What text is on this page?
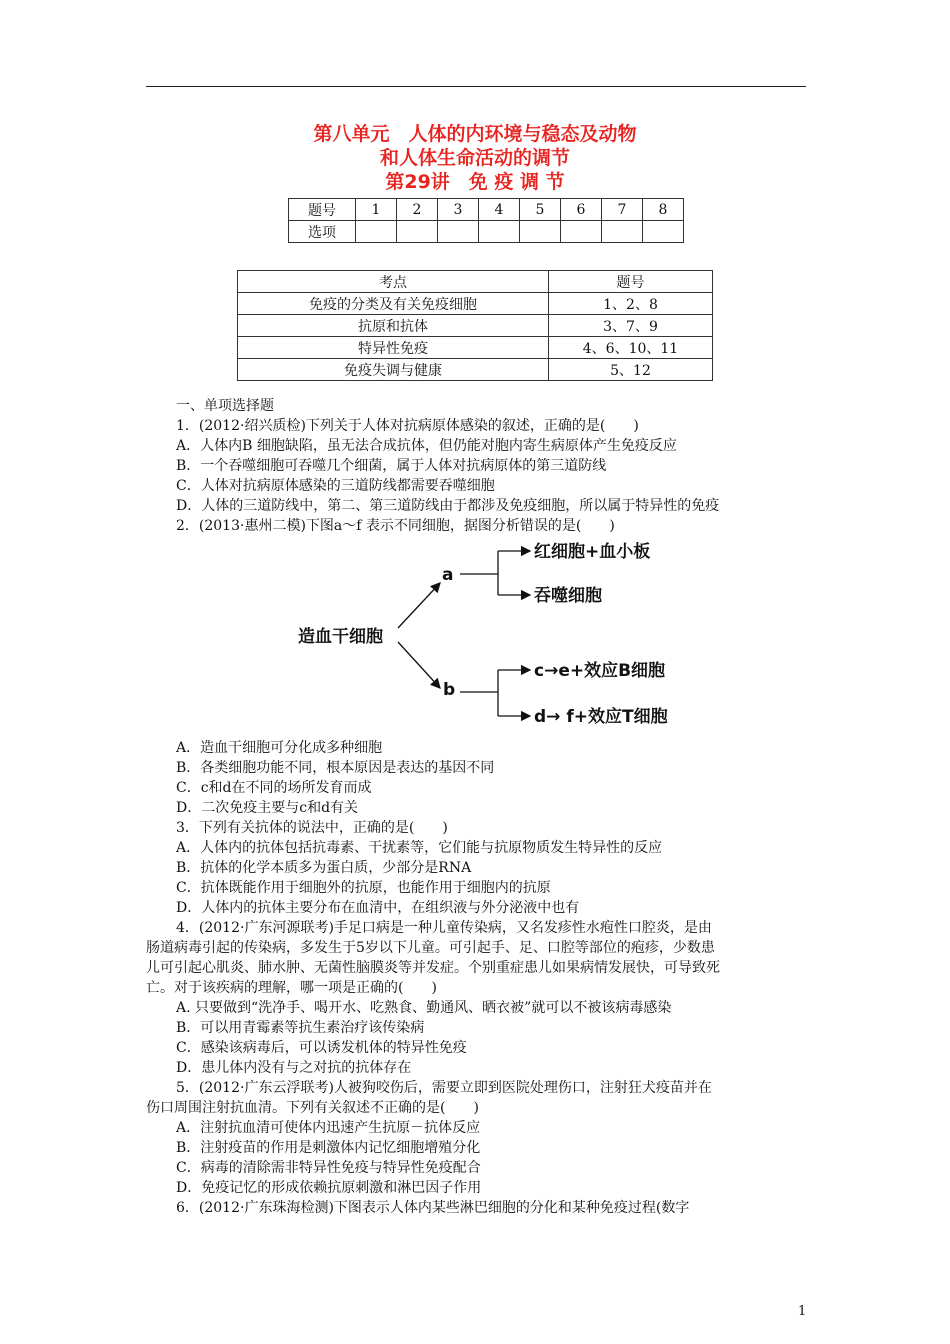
第八单元　人体的内环境与稳态及动物
和人体生命活动的调节
第29讲　免 疫 调 节
题号	1	2	3	4	5	6	7	8
选项								
考点	题号
免疫的分类及有关免疫细胞	1、2、8
抗原和抗体	3、7、9
特异性免疫	4、6、10、11
免疫失调与健康	5、12
一、单项选择题
1．(2012·绍兴质检)下列关于人体对抗病原体感染的叙述，正确的是(　　)
A．人体内B 细胞缺陷，虽无法合成抗体，但仍能对胞内寄生病原体产生免疫反应
B．一个吞噬细胞可吞噬几个细菌，属于人体对抗病原体的第三道防线
C．人体对抗病原体感染的三道防线都需要吞噬细胞
D．人体的三道防线中，第二、第三道防线由于都涉及免疫细胞，所以属于特异性的免疫
2．(2013·惠州二模)下图a～f 表示不同细胞，据图分析错误的是(　　)
造血干细胞
a
b
红细胞+血小板
吞噬细胞
c→e+效应B细胞
d→ f+效应T细胞
A．造血干细胞可分化成多种细胞
B．各类细胞功能不同，根本原因是表达的基因不同
C．c和d在不同的场所发育而成
D．二次免疫主要与c和d有关
3．下列有关抗体的说法中，正确的是(　　)
A．人体内的抗体包括抗毒素、干扰素等，它们能与抗原物质发生特异性的反应
B．抗体的化学本质多为蛋白质，少部分是RNA
C．抗体既能作用于细胞外的抗原，也能作用于细胞内的抗原
D．人体内的抗体主要分布在血清中，在组织液与外分泌液中也有
4．(2012·广东河源联考)手足口病是一种儿童传染病，又名发疹性水疱性口腔炎，是由
肠道病毒引起的传染病，多发生于5岁以下儿童。可引起手、足、口腔等部位的疱疹，少数患
儿可引起心肌炎、肺水肿、无菌性脑膜炎等并发症。个别重症患儿如果病情发展快，可导致死
亡。对于该疾病的理解，哪一项是正确的(　　)
A. 只要做到“洗净手、喝开水、吃熟食、勤通风、晒衣被”就可以不被该病毒感染
B．可以用青霉素等抗生素治疗该传染病
C．感染该病毒后，可以诱发机体的特异性免疫
D．患儿体内没有与之对抗的抗体存在
5．(2012·广东云浮联考)人被狗咬伤后，需要立即到医院处理伤口，注射狂犬疫苗并在
伤口周围注射抗血清。下列有关叙述不正确的是(　　)
A．注射抗血清可使体内迅速产生抗原－抗体反应
B．注射疫苗的作用是刺激体内记忆细胞增殖分化
C．病毒的清除需非特异性免疫与特异性免疫配合
D．免疫记忆的形成依赖抗原刺激和淋巴因子作用
6．(2012·广东珠海检测)下图表示人体内某些淋巴细胞的分化和某种免疫过程(数字
1
